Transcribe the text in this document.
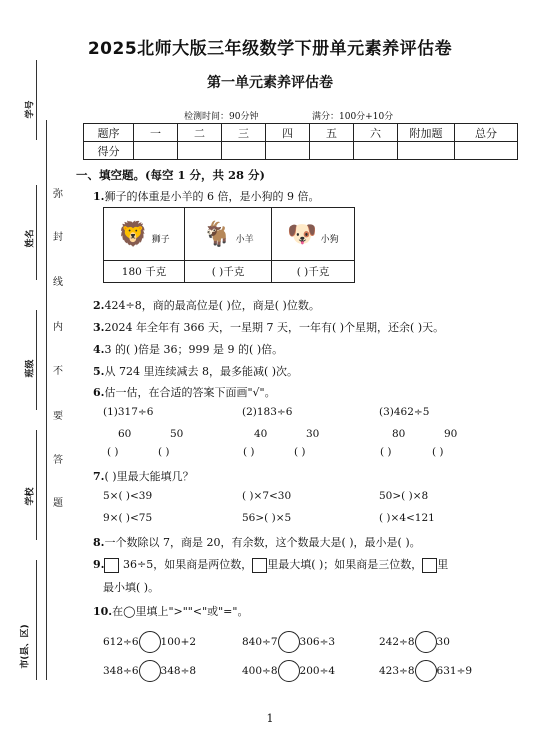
2025北师大版三年级数学下册单元素养评估卷
第一单元素养评估卷
检测时间：90分钟	满分：100分+10分
题序	一	二	三	四	五	六	附加题	总分
得分								
学号
姓名
班级
学校
市(县、区)
弥
封
线
内
不
要
答
题
一、填空题。(每空 1 分，共 28 分)
1.狮子的体重是小羊的 6 倍，是小狗的 9 倍。
🦁 狮子	🐐 小羊	🐶 小狗
180 千克	( )千克	( )千克
2.424÷8，商的最高位是( )位，商是( )位数。
3.2024 年全年有 366 天，一星期 7 天，一年有( )个星期，还余( )天。
4.3 的( )倍是 36；999 是 9 的( )倍。
5.从 724 里连续减去 8，最多能减( )次。
6.估一估，在合适的答案下面画"√"。
(1)317÷6	(2)183÷6	(3)462÷5
60	50	40	30	80	90
( )	( )	( )	( )	( )	( )
7.( )里最大能填几？
5×( )<39	( )×7<30	50>( )×8
9×( )<75	56>( )×5	( )×4<121
8.一个数除以 7，商是 20，有余数，这个数最大是( )，最小是( )。
9. 36÷5，如果商是两位数， 里最大填( )；如果商是三位数， 里
最小填( )。
10.在◯里填上">""<"或"="。
612÷6 100+2	840÷7 306÷3	242÷8 30
348÷6 348÷8	400÷8 200÷4	423÷8 631÷9
1
